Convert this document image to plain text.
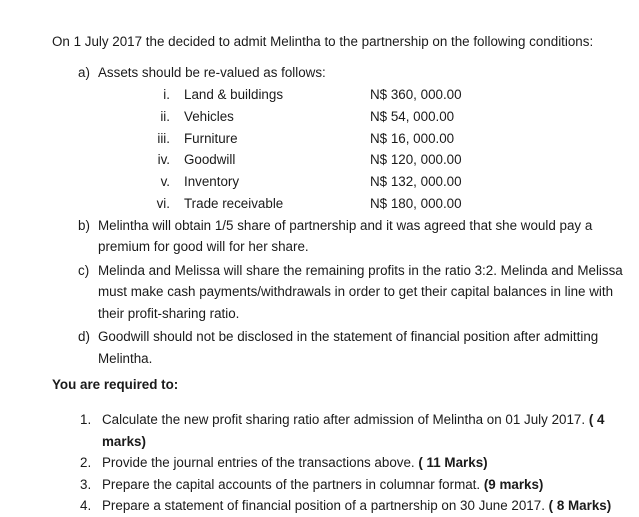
On 1 July 2017 the decided to admit Melintha to the partnership on the following conditions:
a) Assets should be re-valued as follows:
i. Land & buildings	N$ 360, 000.00
ii. Vehicles	N$ 54, 000.00
iii. Furniture	N$ 16, 000.00
iv. Goodwill	N$ 120, 000.00
v. Inventory	N$ 132, 000.00
vi. Trade receivable	N$ 180, 000.00
b) Melintha will obtain 1/5 share of partnership and it was agreed that she would pay a premium for good will for her share.
c) Melinda and Melissa will share the remaining profits in the ratio 3:2. Melinda and Melissa must make cash payments/withdrawals in order to get their capital balances in line with their profit-sharing ratio.
d) Goodwill should not be disclosed in the statement of financial position after admitting Melintha.
You are required to:
1. Calculate the new profit sharing ratio after admission of Melintha on 01 July 2017. ( 4 marks)
2. Provide the journal entries of the transactions above. ( 11 Marks)
3. Prepare the capital accounts of the partners in columnar format. (9 marks)
4. Prepare a statement of financial position of a partnership on 30 June 2017. ( 8 Marks)
